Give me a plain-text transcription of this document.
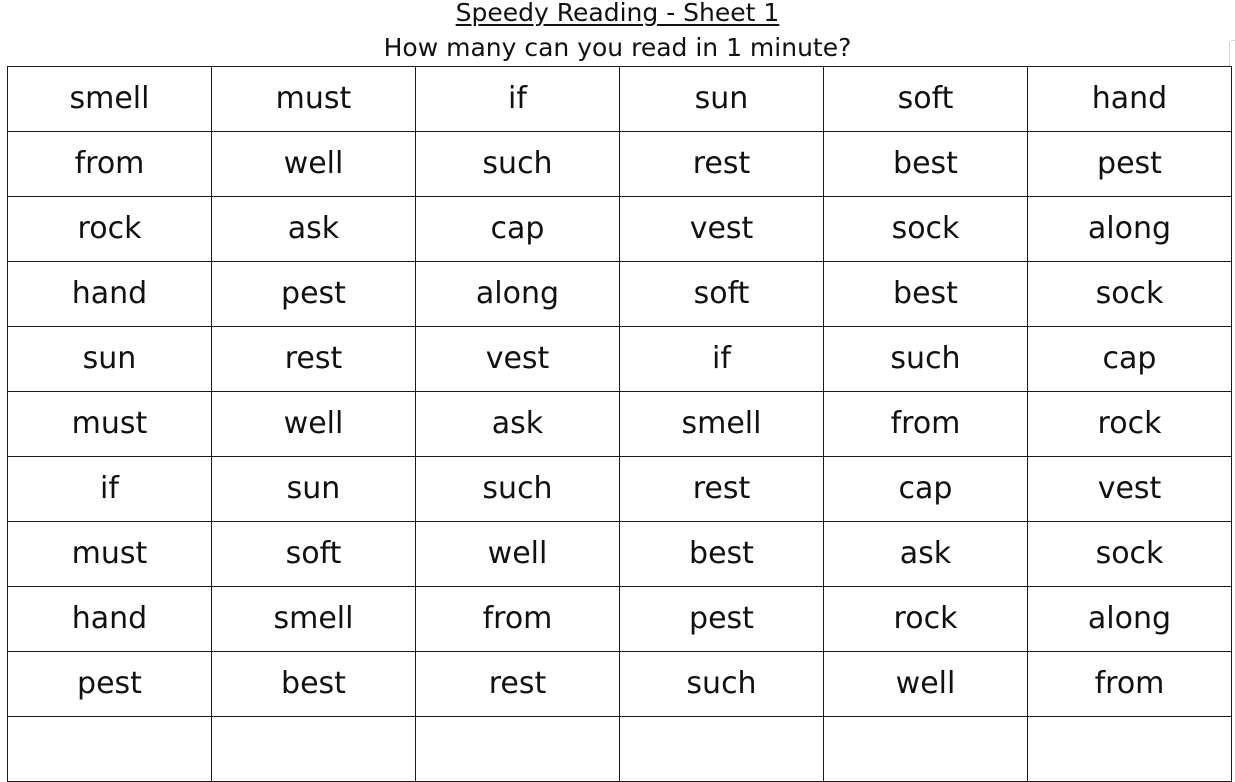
Speedy Reading - Sheet 1
How many can you read in 1 minute?
smell	must	if	sun	soft	hand
from	well	such	rest	best	pest
rock	ask	cap	vest	sock	along
hand	pest	along	soft	best	sock
sun	rest	vest	if	such	cap
must	well	ask	smell	from	rock
if	sun	such	rest	cap	vest
must	soft	well	best	ask	sock
hand	smell	from	pest	rock	along
pest	best	rest	such	well	from
